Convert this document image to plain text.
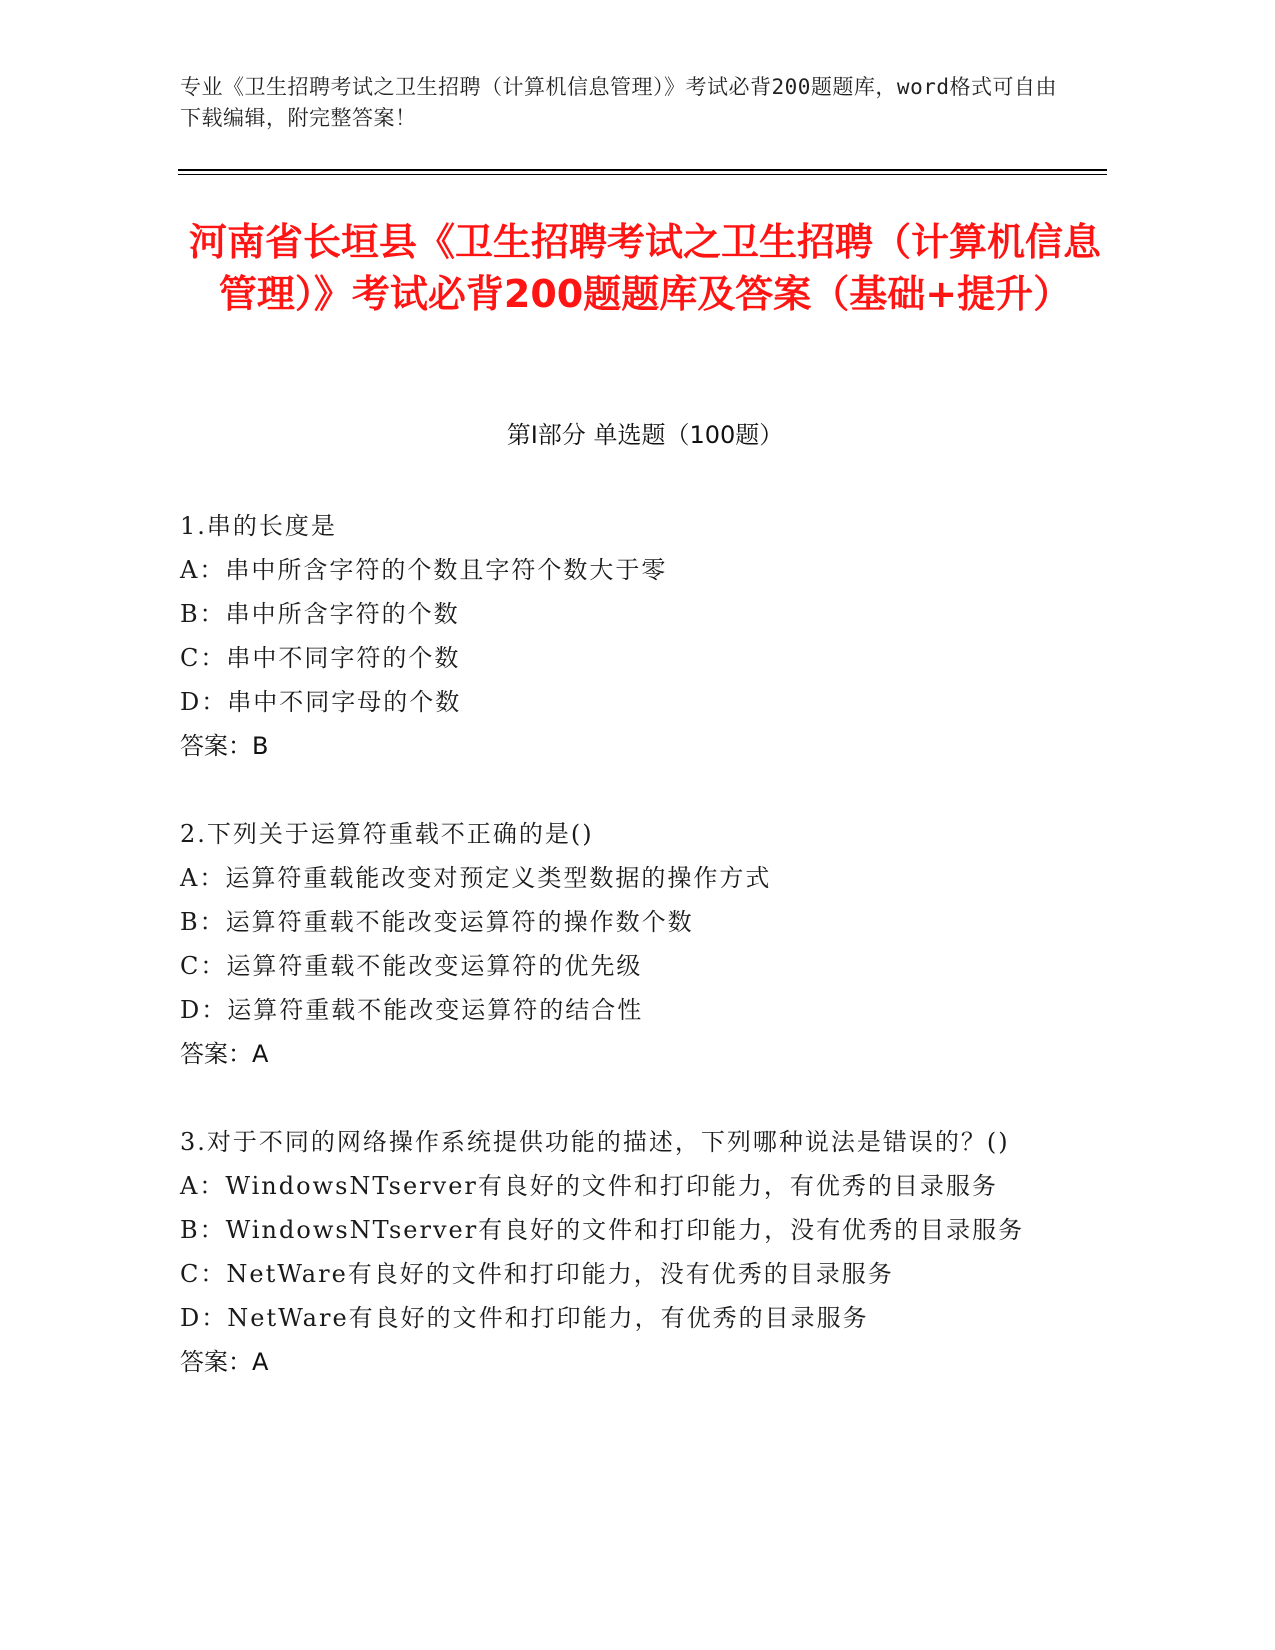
专业《卫生招聘考试之卫生招聘（计算机信息管理）》考试必背200题题库，word格式可自由下载编辑，附完整答案！
河南省长垣县《卫生招聘考试之卫生招聘（计算机信息管理）》考试必背200题题库及答案（基础+提升）
第Ⅰ部分 单选题（100题）
1.串的长度是
A：串中所含字符的个数且字符个数大于零
B：串中所含字符的个数
C：串中不同字符的个数
D：串中不同字母的个数
答案：B
2.下列关于运算符重载不正确的是()
A：运算符重载能改变对预定义类型数据的操作方式
B：运算符重载不能改变运算符的操作数个数
C：运算符重载不能改变运算符的优先级
D：运算符重载不能改变运算符的结合性
答案：A
3.对于不同的网络操作系统提供功能的描述，下列哪种说法是错误的？()
A：WindowsNTserver有良好的文件和打印能力，有优秀的目录服务
B：WindowsNTserver有良好的文件和打印能力，没有优秀的目录服务
C：NetWare有良好的文件和打印能力，没有优秀的目录服务
D：NetWare有良好的文件和打印能力，有优秀的目录服务
答案：A
